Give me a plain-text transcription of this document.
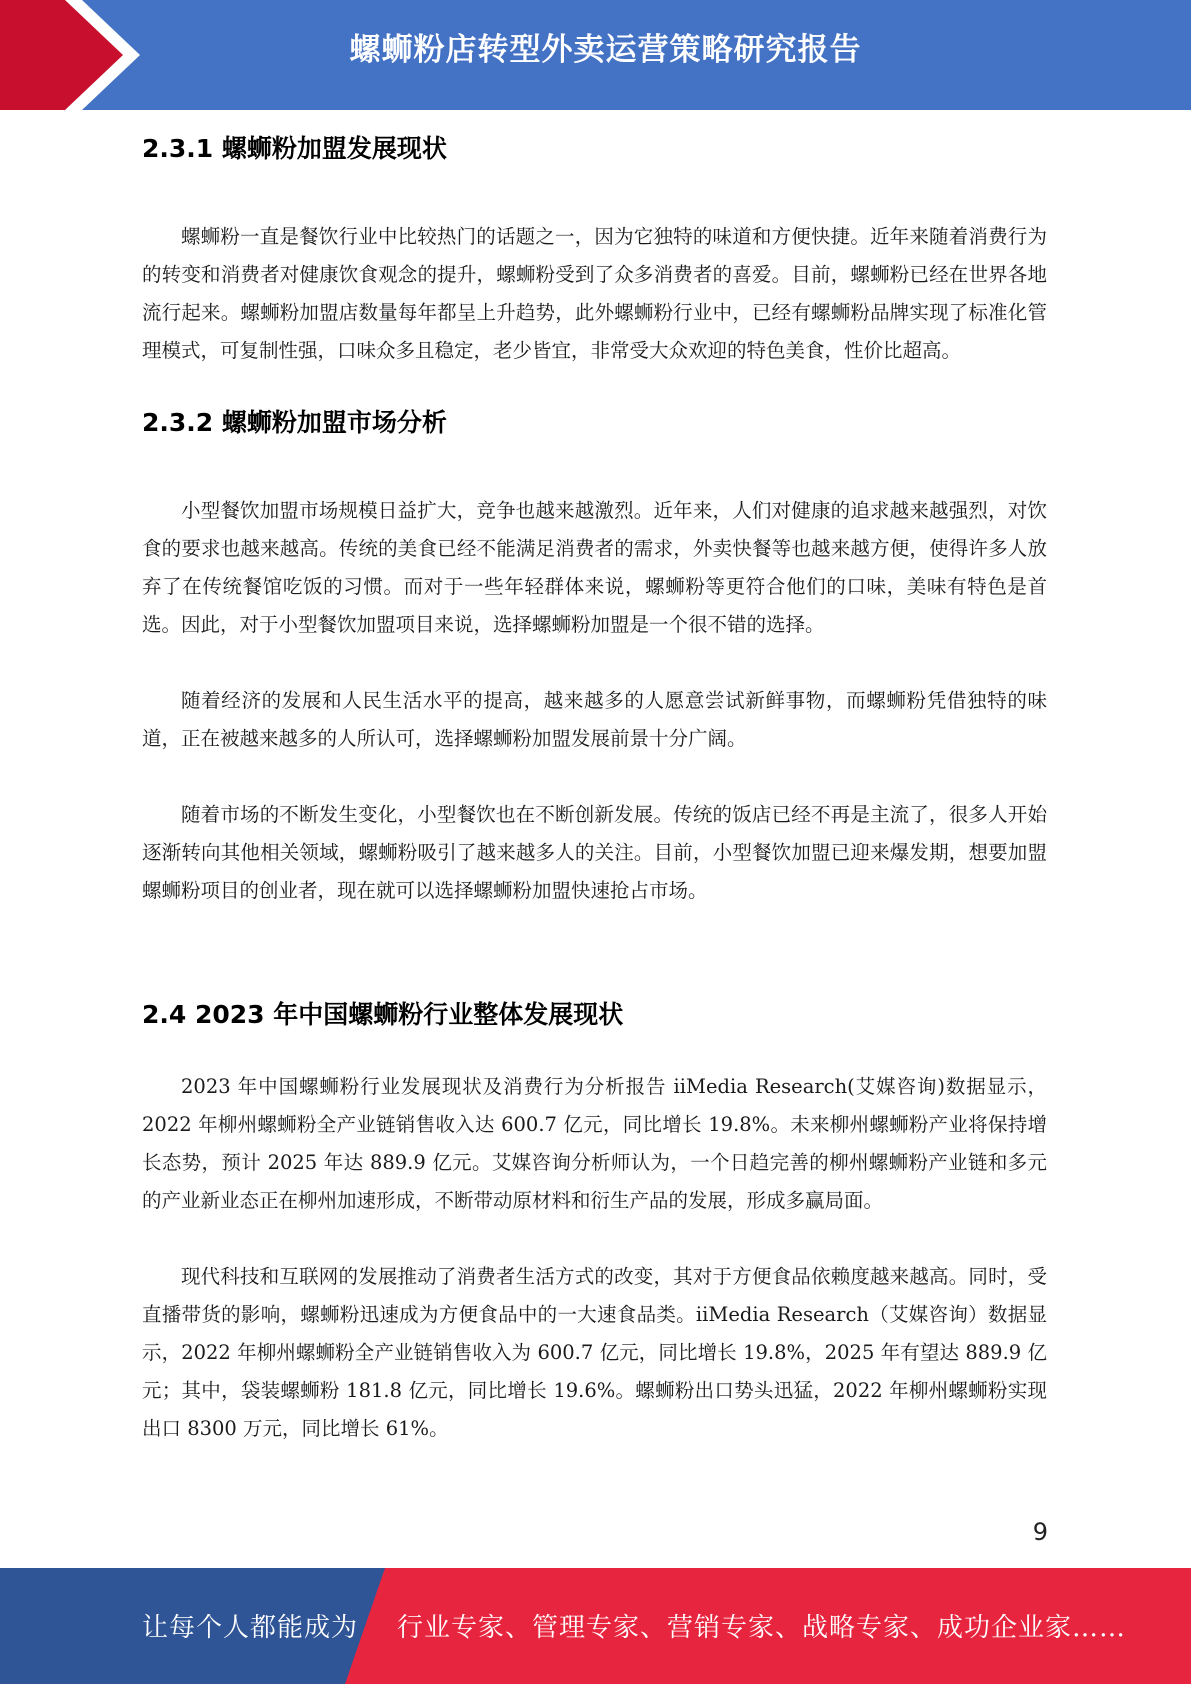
螺蛳粉店转型外卖运营策略研究报告
2.3.1 螺蛳粉加盟发展现状

螺蛳粉一直是餐饮行业中比较热门的话题之一，因为它独特的味道和方便快捷。近年来随着消费行为的转变和消费者对健康饮食观念的提升，螺蛳粉受到了众多消费者的喜爱。目前，螺蛳粉已经在世界各地流行起来。螺蛳粉加盟店数量每年都呈上升趋势，此外螺蛳粉行业中，已经有螺蛳粉品牌实现了标准化管理模式，可复制性强，口味众多且稳定，老少皆宜，非常受大众欢迎的特色美食，性价比超高。

2.3.2 螺蛳粉加盟市场分析

小型餐饮加盟市场规模日益扩大，竞争也越来越激烈。近年来，人们对健康的追求越来越强烈，对饮食的要求也越来越高。传统的美食已经不能满足消费者的需求，外卖快餐等也越来越方便，使得许多人放弃了在传统餐馆吃饭的习惯。而对于一些年轻群体来说，螺蛳粉等更符合他们的口味，美味有特色是首选。因此，对于小型餐饮加盟项目来说，选择螺蛳粉加盟是一个很不错的选择。

随着经济的发展和人民生活水平的提高，越来越多的人愿意尝试新鲜事物，而螺蛳粉凭借独特的味道，正在被越来越多的人所认可，选择螺蛳粉加盟发展前景十分广阔。

随着市场的不断发生变化，小型餐饮也在不断创新发展。传统的饭店已经不再是主流了，很多人开始逐渐转向其他相关领域，螺蛳粉吸引了越来越多人的关注。目前，小型餐饮加盟已迎来爆发期，想要加盟螺蛳粉项目的创业者，现在就可以选择螺蛳粉加盟快速抢占市场。

2.4 2023 年中国螺蛳粉行业整体发展现状

2023 年中国螺蛳粉行业发展现状及消费行为分析报告 iiMedia Research(艾媒咨询)数据显示，2022 年柳州螺蛳粉全产业链销售收入达 600.7 亿元，同比增长 19.8%。未来柳州螺蛳粉产业将保持增长态势，预计 2025 年达 889.9 亿元。艾媒咨询分析师认为，一个日趋完善的柳州螺蛳粉产业链和多元的产业新业态正在柳州加速形成，不断带动原材料和衍生产品的发展，形成多赢局面。

现代科技和互联网的发展推动了消费者生活方式的改变，其对于方便食品依赖度越来越高。同时，受直播带货的影响，螺蛳粉迅速成为方便食品中的一大速食品类。iiMedia Research（艾媒咨询）数据显示，2022 年柳州螺蛳粉全产业链销售收入为 600.7 亿元，同比增长 19.8%，2025 年有望达 889.9 亿元；其中，袋装螺蛳粉 181.8 亿元，同比增长 19.6%。螺蛳粉出口势头迅猛，2022 年柳州螺蛳粉实现出口 8300 万元，同比增长 61%。

9
让每个人都能成为 行业专家、管理专家、营销专家、战略专家、成功企业家……
